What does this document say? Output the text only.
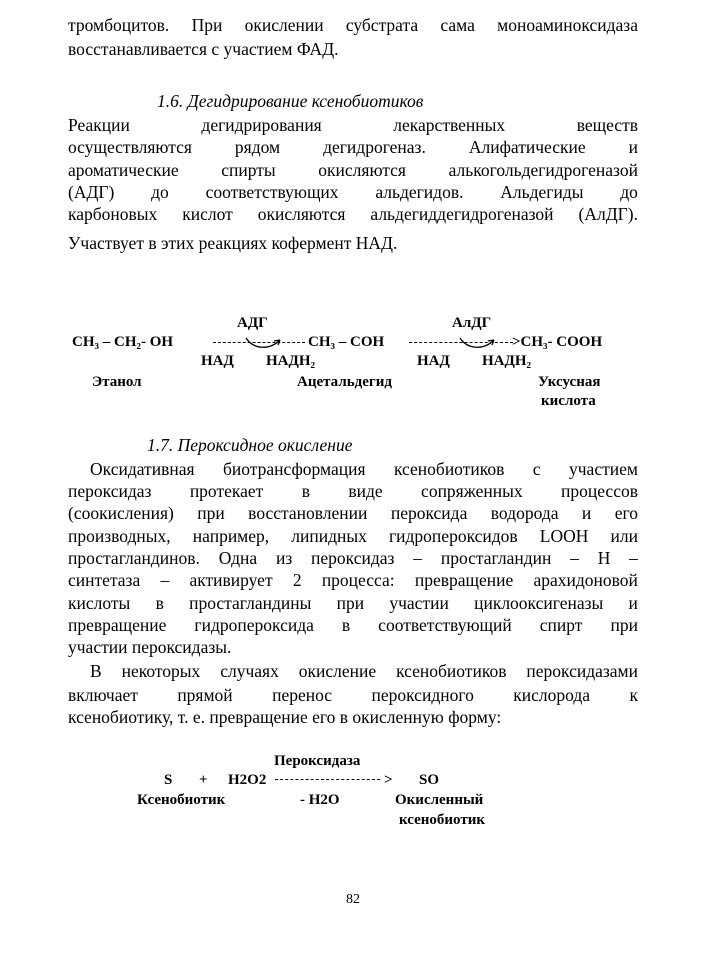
тромбоцитов. При окислении субстрата сама моноаминоксидаза
восстанавливается с участием ФАД.
1.6. Дегидрирование ксенобиотиков
Реакции	дегидрирования	лекарственных	веществ
осуществляются рядом дегидрогеназ. Алифатические и
ароматические спирты окисляются алькогольдегидрогеназой
(АДГ) до соответствующих альдегидов. Альдегиды до
карбоновых кислот окисляются альдегиддегидрогеназой (АлДГ).
Участвует в этих реакциях кофермент НАД.
АДГ	АлДГ
CH₃ – CH₂- OH	CH₃ – COH	>CH₃- COOH
НАД НАДН₂	НАД НАДН₂
Этанол	Ацетальдегид	Уксусная
кислота
1.7. Пероксидное окисление
Оксидативная биотрансформация ксенобиотиков с участием
пероксидаз протекает в виде сопряженных процессов
(соокисления) при восстановлении пероксида водорода и его
производных, например, липидных гидропероксидов LOOH или
простагландинов. Одна из пероксидаз – простагландин – Н –
синтетаза – активирует 2 процесса: превращение арахидоновой
кислоты в простагландины при участии циклооксигеназы и
превращение гидропероксида в соответствующий спирт при
участии пероксидазы.
В некоторых случаях окисление ксенобиотиков пероксидазами
включает прямой перенос пероксидного кислорода к
ксенобиотику, т. е. превращение его в окисленную форму:
Пероксидаза
S + H2O2	> SO
Ксенобиотик	- H2O	Окисленный
ксенобиотик
82
